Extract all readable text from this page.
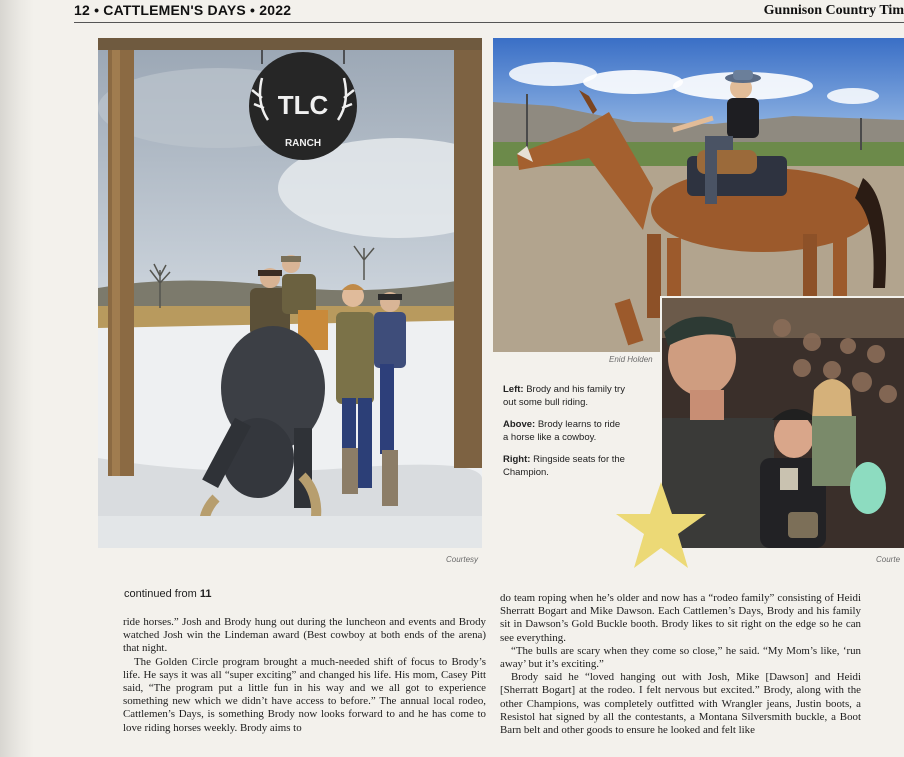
12 • CATTLEMEN'S DAYS • 2022	Gunnison Country Tim
TLC
RANCH
Courtesy
Enid Holden
Courte

Left: Brody and his family try out some bull riding.

Above: Brody learns to ride a horse like a cowboy.

Right: Ringside seats for the Champion.

continued from 11

ride horses.” Josh and Brody hung out during the luncheon and events and Brody watched Josh win the Lindeman award (Best cowboy at both ends of the arena) that night.

The Golden Circle program brought a much-needed shift of focus to Brody’s life. He says it was all “super exciting” and changed his life. His mom, Casey Pitt said, “The program put a little fun in his way and we all got to experience something new which we didn’t have access to before.” The annual local rodeo, Cattlemen’s Days, is something Brody now looks forward to and he has come to love riding horses weekly. Brody aims to

do team roping when he’s older and now has a “rodeo family” consisting of Heidi Sherratt Bogart and Mike Dawson. Each Cattlemen’s Days, Brody and his family sit in Dawson’s Gold Buckle booth. Brody likes to sit right on the edge so he can see everything.

“The bulls are scary when they come so close,” he said. “My Mom’s like, ‘run away’ but it’s exciting.”

Brody said he “loved hanging out with Josh, Mike [Dawson] and Heidi [Sherratt Bogart] at the rodeo. I felt nervous but excited.” Brody, along with the other Champions, was completely outfitted with Wrangler jeans, Justin boots, a Resistol hat signed by all the contestants, a Montana Silversmith buckle, a Boot Barn belt and other goods to ensure he looked and felt like
